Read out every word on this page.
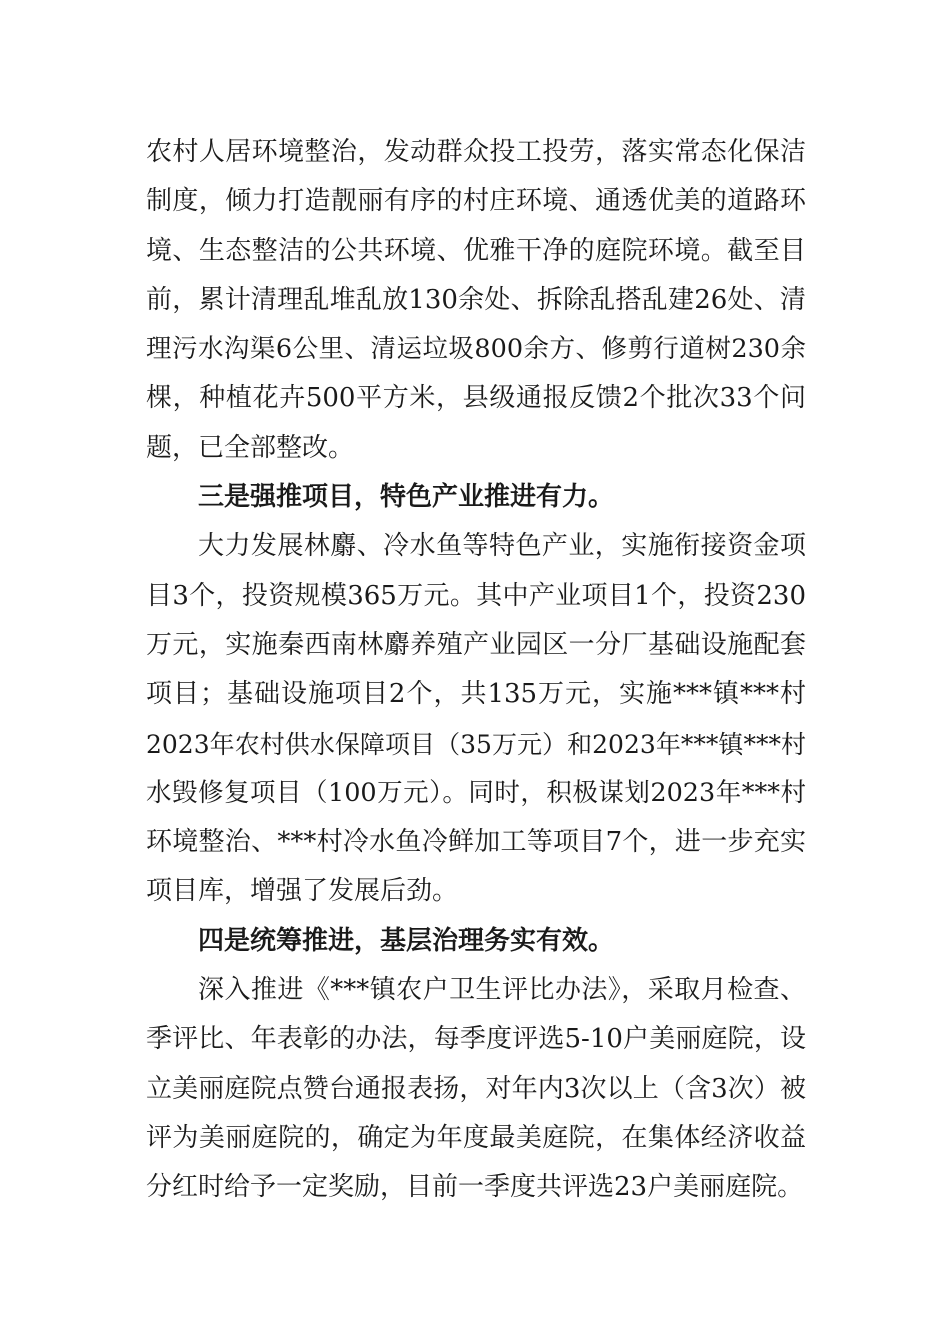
农村人居环境整治，发动群众投工投劳，落实常态化保洁
制度，倾力打造靓丽有序的村庄环境、通透优美的道路环
境、生态整洁的公共环境、优雅干净的庭院环境。截至目
前，累计清理乱堆乱放130余处、拆除乱搭乱建26处、清
理污水沟渠6公里、清运垃圾800余方、修剪行道树230余
棵，种植花卉500平方米，县级通报反馈2个批次33个问
题，已全部整改。
三是强推项目，特色产业推进有力。
大力发展林麝、冷水鱼等特色产业，实施衔接资金项
目3个，投资规模365万元。其中产业项目1个，投资230
万元，实施秦西南林麝养殖产业园区一分厂基础设施配套
项目；基础设施项目2个，共135万元，实施***镇***村
2023年农村供水保障项目（35万元）和2023年***镇***村
水毁修复项目（100万元）。同时，积极谋划2023年***村
环境整治、***村冷水鱼冷鲜加工等项目7个，进一步充实
项目库，增强了发展后劲。
四是统筹推进，基层治理务实有效。
深入推进《***镇农户卫生评比办法》，采取月检查、
季评比、年表彰的办法，每季度评选5-10户美丽庭院，设
立美丽庭院点赞台通报表扬，对年内3次以上（含3次）被
评为美丽庭院的，确定为年度最美庭院，在集体经济收益
分红时给予一定奖励，目前一季度共评选23户美丽庭院。
